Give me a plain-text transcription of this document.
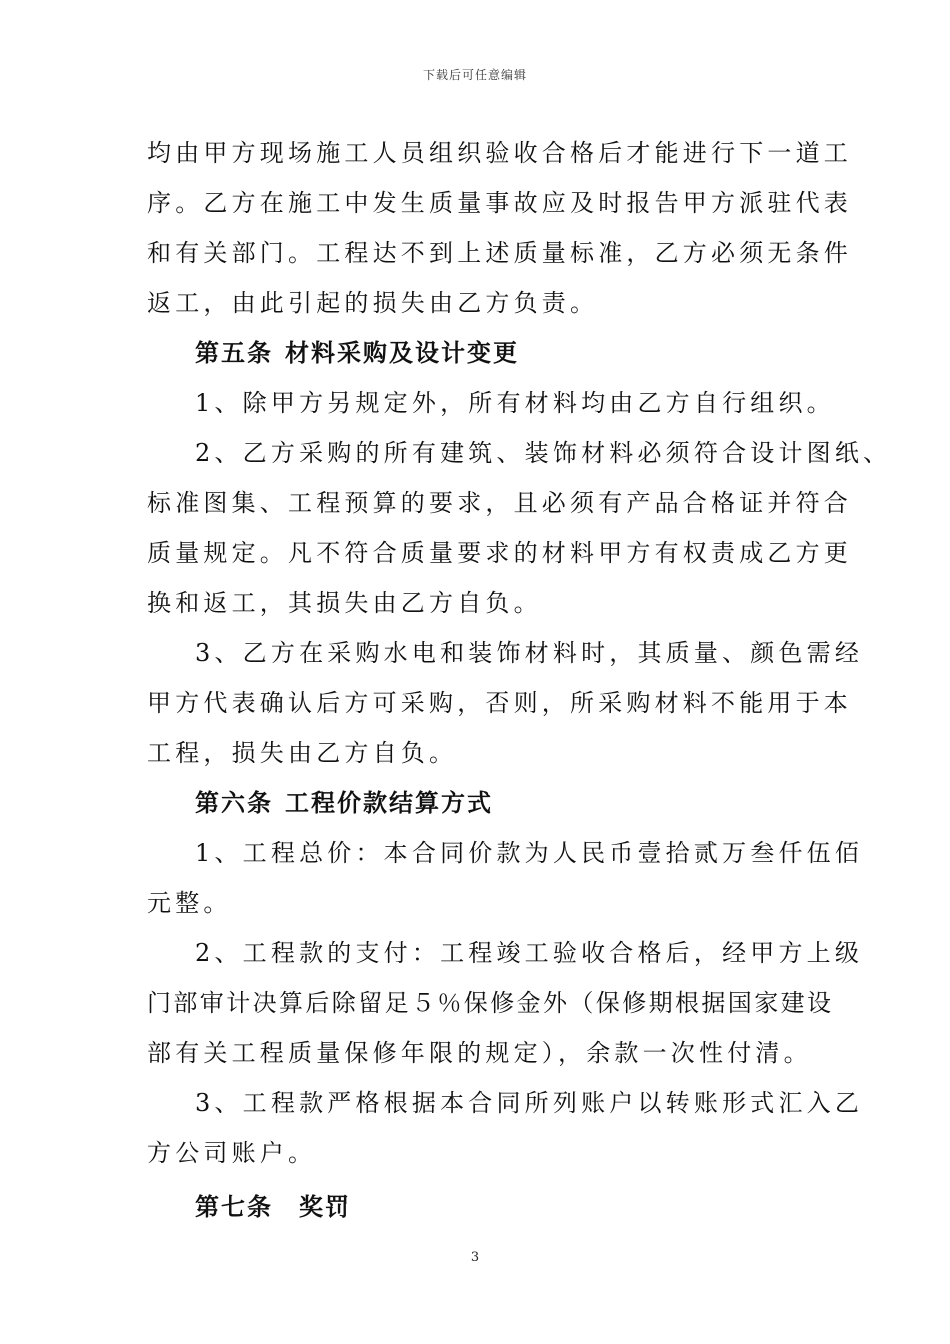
下载后可任意编辑
均由甲方现场施工人员组织验收合格后才能进行下一道工
序。乙方在施工中发生质量事故应及时报告甲方派驻代表
和有关部门。工程达不到上述质量标准，乙方必须无条件
返工，由此引起的损失由乙方负责。
第五条 材料采购及设计变更
1、除甲方另规定外，所有材料均由乙方自行组织。
2、乙方采购的所有建筑、装饰材料必须符合设计图纸、
标准图集、工程预算的要求，且必须有产品合格证并符合
质量规定。凡不符合质量要求的材料甲方有权责成乙方更
换和返工，其损失由乙方自负。
3、乙方在采购水电和装饰材料时，其质量、颜色需经
甲方代表确认后方可采购，否则，所采购材料不能用于本
工程，损失由乙方自负。
第六条 工程价款结算方式
1、工程总价：本合同价款为人民币壹拾贰万叁仟伍佰
元整。
2、工程款的支付：工程竣工验收合格后，经甲方上级
门部审计决算后除留足５％保修金外（保修期根据国家建设
部有关工程质量保修年限的规定），余款一次性付清。
3、工程款严格根据本合同所列账户以转账形式汇入乙
方公司账户。
第七条 奖罚
3
